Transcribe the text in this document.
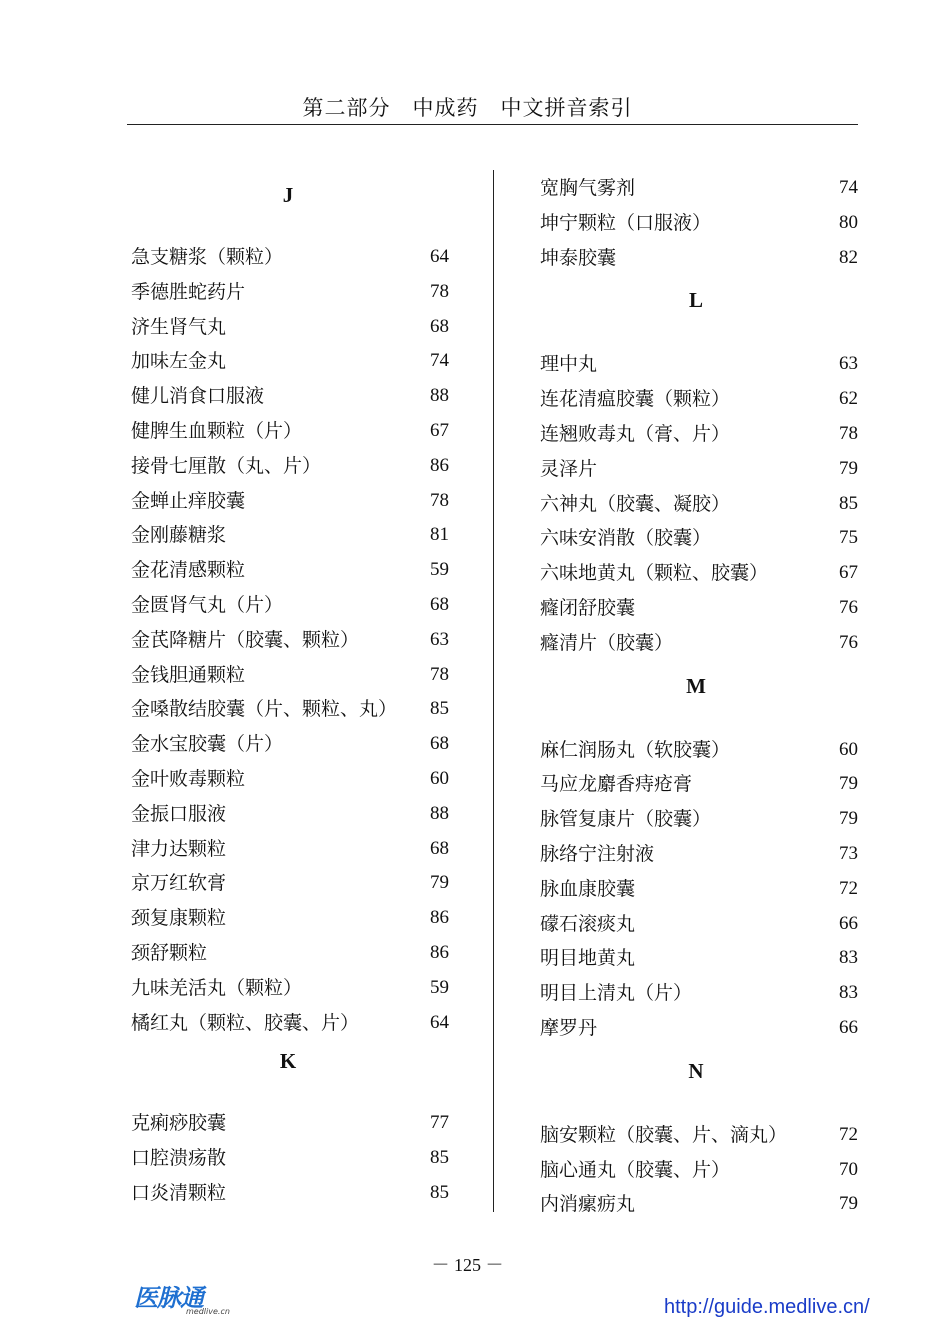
第二部分　中成药　中文拼音索引
J
急支糖浆（颗粒）	64
季德胜蛇药片	78
济生肾气丸	68
加味左金丸	74
健儿消食口服液	88
健脾生血颗粒（片）	67
接骨七厘散（丸、片）	86
金蝉止痒胶囊	78
金刚藤糖浆	81
金花清感颗粒	59
金匮肾气丸（片）	68
金芪降糖片（胶囊、颗粒）	63
金钱胆通颗粒	78
金嗓散结胶囊（片、颗粒、丸） 85
金水宝胶囊（片）	68
金叶败毒颗粒	60
金振口服液	88
津力达颗粒	68
京万红软膏	79
颈复康颗粒	86
颈舒颗粒	86
九味羌活丸（颗粒）	59
橘红丸（颗粒、胶囊、片）	64
K
克痢痧胶囊	77
口腔溃疡散	85
口炎清颗粒	85
宽胸气雾剂	74
坤宁颗粒（口服液）	80
坤泰胶囊	82
L
理中丸	63
连花清瘟胶囊（颗粒）	62
连翘败毒丸（膏、片）	78
灵泽片	79
六神丸（胶囊、凝胶）	85
六味安消散（胶囊）	75
六味地黄丸（颗粒、胶囊）	67
癃闭舒胶囊	76
癃清片（胶囊）	76
M
麻仁润肠丸（软胶囊）	60
马应龙麝香痔疮膏	79
脉管复康片（胶囊）	79
脉络宁注射液	73
脉血康胶囊	72
礞石滚痰丸	66
明目地黄丸	83
明目上清丸（片）	83
摩罗丹	66
N
脑安颗粒（胶囊、片、滴丸）	72
脑心通丸（胶囊、片）	70
内消瘰疬丸	79
－ 125 －
医脉通
medlive.cn	http://guide.medlive.cn/
